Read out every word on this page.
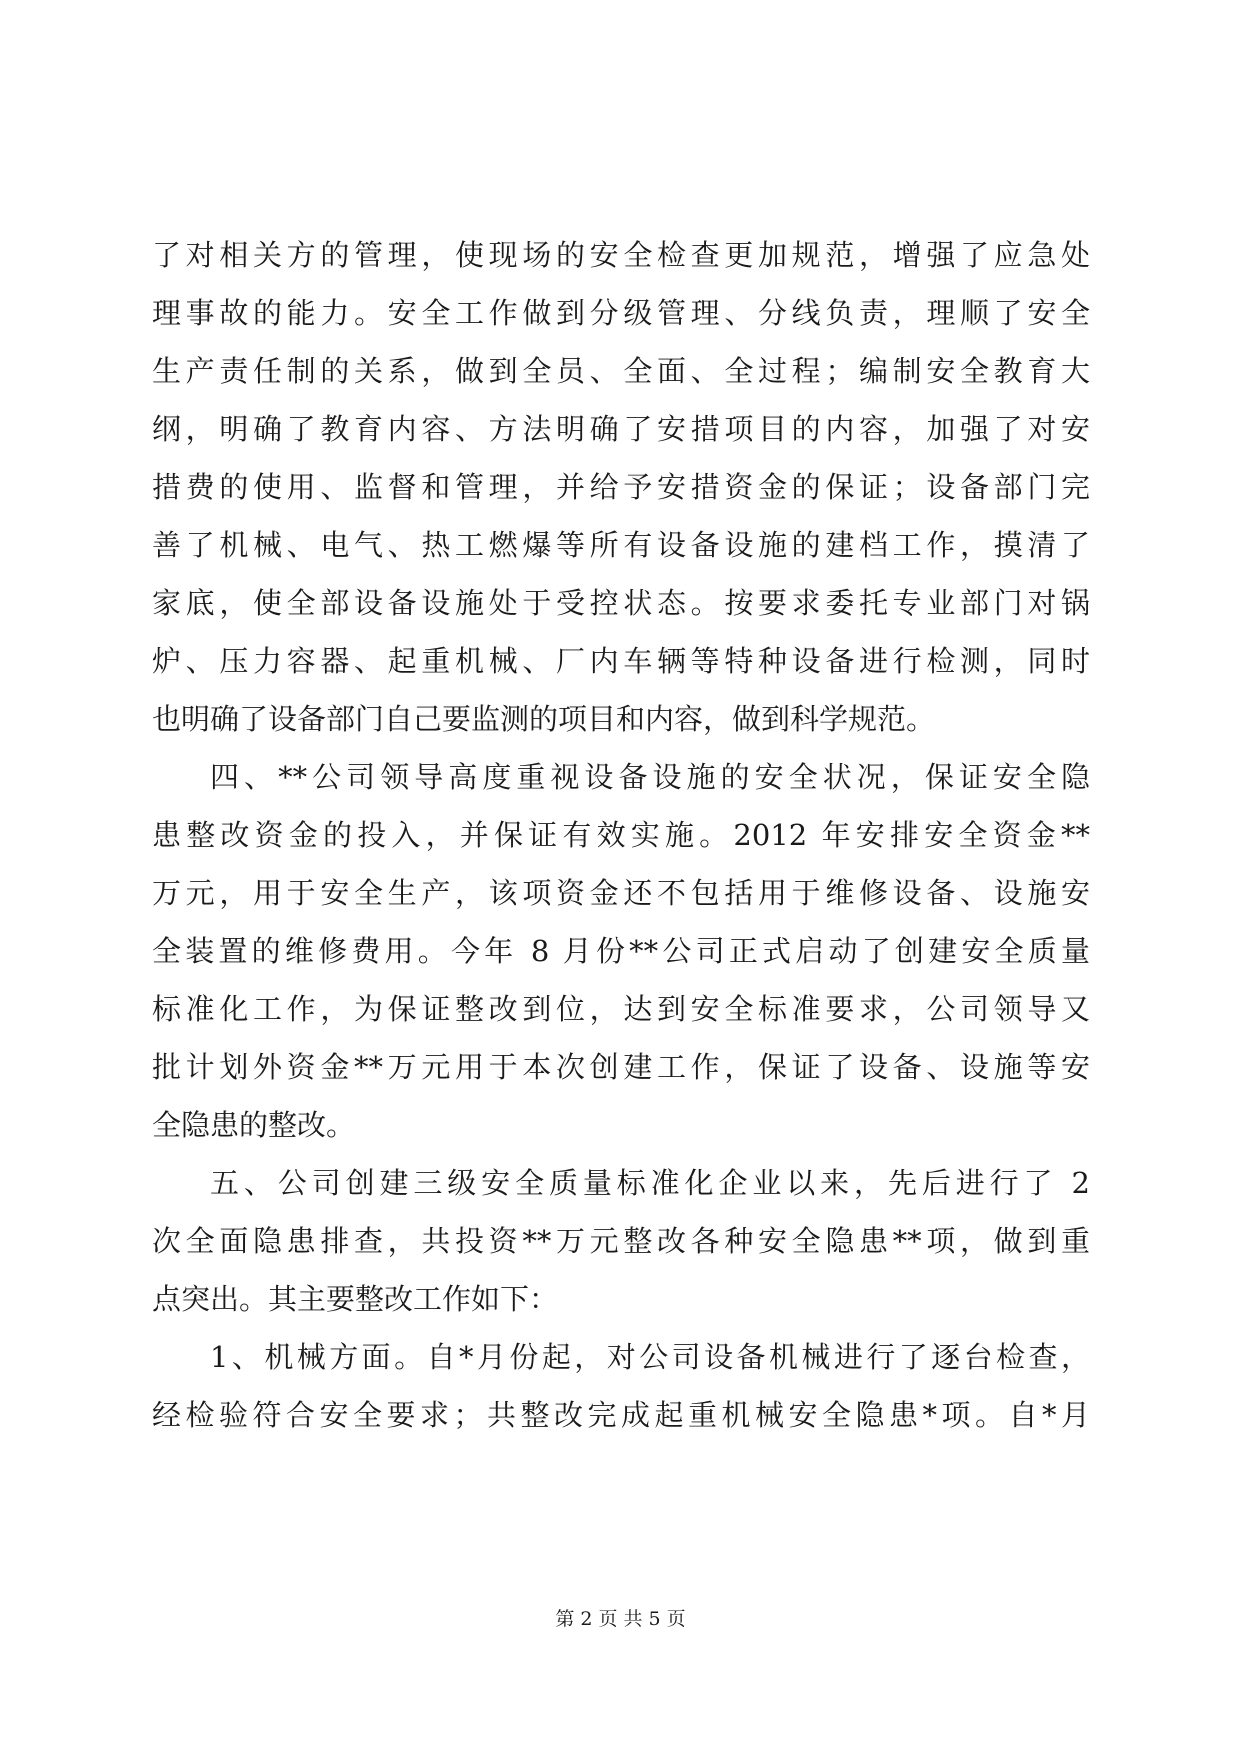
了对相关方的管理，使现场的安全检查更加规范，增强了应急处
理事故的能力。安全工作做到分级管理、分线负责，理顺了安全
生产责任制的关系，做到全员、全面、全过程；编制安全教育大
纲，明确了教育内容、方法明确了安措项目的内容，加强了对安
措费的使用、监督和管理，并给予安措资金的保证；设备部门完
善了机械、电气、热工燃爆等所有设备设施的建档工作，摸清了
家底，使全部设备设施处于受控状态。按要求委托专业部门对锅
炉、压力容器、起重机械、厂内车辆等特种设备进行检测，同时
也明确了设备部门自己要监测的项目和内容，做到科学规范。
四、**公司领导高度重视设备设施的安全状况，保证安全隐
患整改资金的投入，并保证有效实施。2012 年安排安全资金**
万元，用于安全生产，该项资金还不包括用于维修设备、设施安
全装置的维修费用。今年 8 月份**公司正式启动了创建安全质量
标准化工作，为保证整改到位，达到安全标准要求，公司领导又
批计划外资金**万元用于本次创建工作，保证了设备、设施等安
全隐患的整改。
五、公司创建三级安全质量标准化企业以来，先后进行了 2
次全面隐患排查，共投资**万元整改各种安全隐患**项，做到重
点突出。其主要整改工作如下：
1、机械方面。自*月份起，对公司设备机械进行了逐台检查，
经检验符合安全要求；共整改完成起重机械安全隐患*项。自*月
第 2 页 共 5 页
